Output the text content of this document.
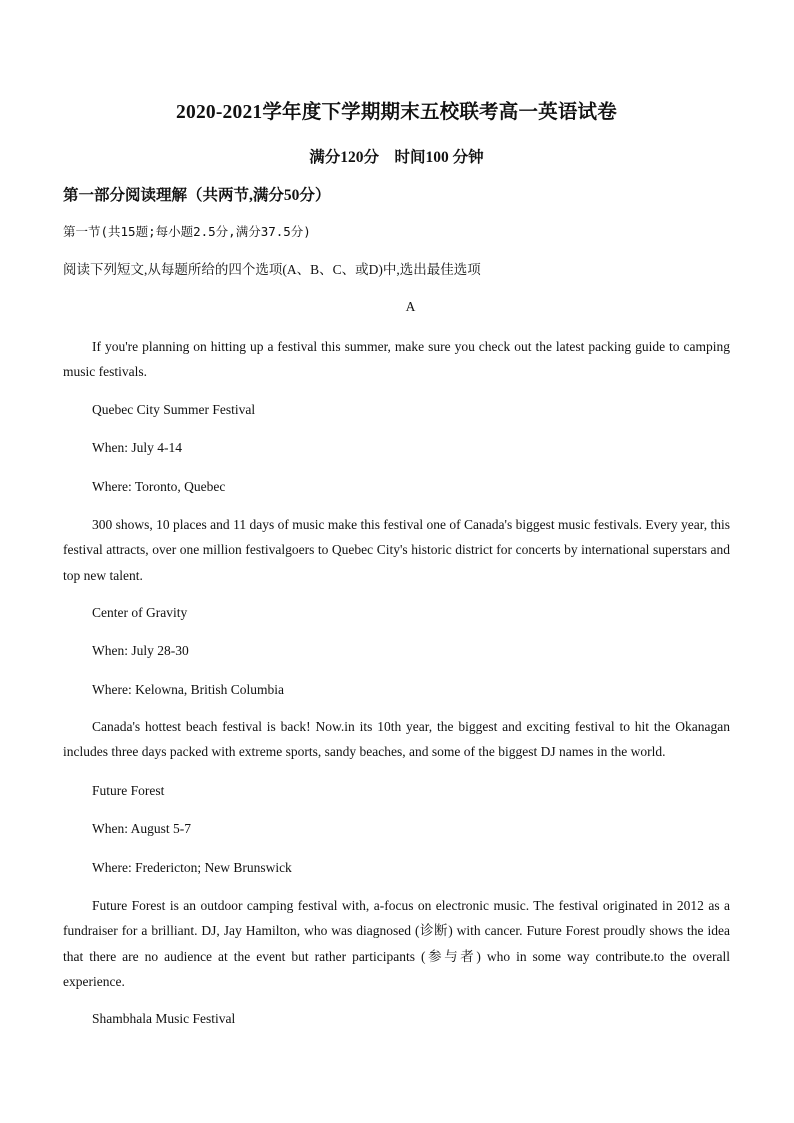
2020-2021学年度下学期期末五校联考高一英语试卷
满分120分　时间100 分钟
第一部分阅读理解（共两节,满分50分）
第一节(共15题;每小题2.5分,满分37.5分)
阅读下列短文,从每题所给的四个选项(A、B、C、或D)中,选出最佳选项
A
If you're planning on hitting up a festival this summer, make sure you check out the latest packing guide to camping music festivals.
Quebec City Summer Festival
When: July 4-14
Where: Toronto, Quebec
300 shows, 10 places and 11 days of music make this festival one of Canada's biggest music festivals. Every year, this festival attracts, over one million festivalgoers to Quebec City's historic district for concerts by international superstars and top new talent.
Center of Gravity
When: July 28-30
Where: Kelowna, British Columbia
Canada's hottest beach festival is back! Now.in its 10th year, the biggest and exciting festival to hit the Okanagan includes three days packed with extreme sports, sandy beaches, and some of the biggest DJ names in the world.
Future Forest
When: August 5-7
Where: Fredericton; New Brunswick
Future Forest is an outdoor camping festival with, a-focus on electronic music. The festival originated in 2012 as a fundraiser for a brilliant. DJ, Jay Hamilton, who was diagnosed (诊断) with cancer. Future Forest proudly shows the idea that there are no audience at the event but rather participants (参与者) who in some way contribute.to the overall experience.
Shambhala Music Festival
